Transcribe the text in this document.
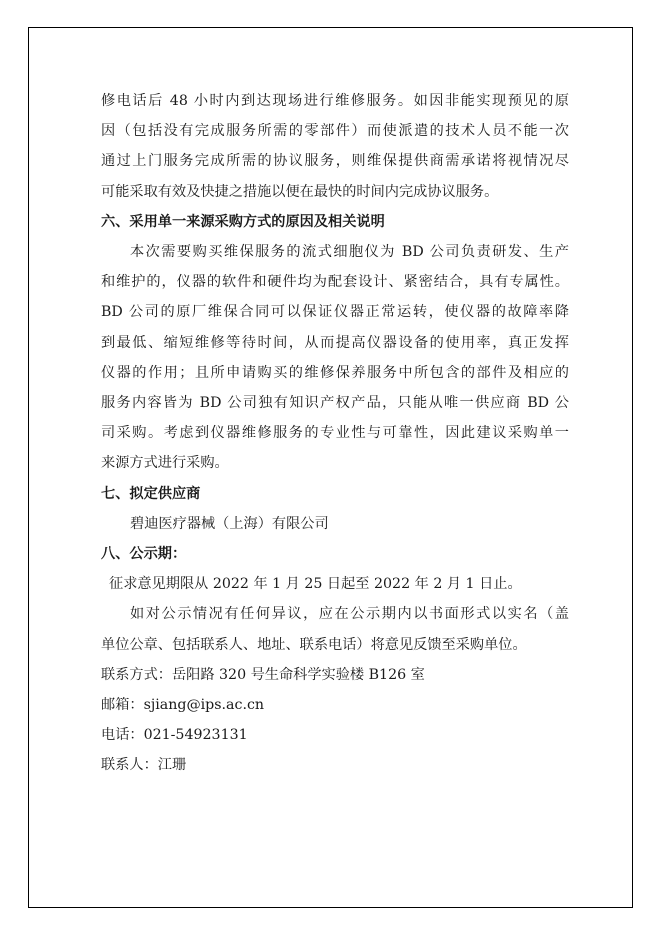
修电话后 48 小时内到达现场进行维修服务。如因非能实现预见的原
因（包括没有完成服务所需的零部件）而使派遣的技术人员不能一次
通过上门服务完成所需的协议服务，则维保提供商需承诺将视情况尽
可能采取有效及快捷之措施以便在最快的时间内完成协议服务。
六、采用单一来源采购方式的原因及相关说明
本次需要购买维保服务的流式细胞仪为 BD 公司负责研发、生产
和维护的，仪器的软件和硬件均为配套设计、紧密结合，具有专属性。
BD 公司的原厂维保合同可以保证仪器正常运转，使仪器的故障率降
到最低、缩短维修等待时间，从而提高仪器设备的使用率，真正发挥
仪器的作用；且所申请购买的维修保养服务中所包含的部件及相应的
服务内容皆为 BD 公司独有知识产权产品，只能从唯一供应商 BD 公
司采购。考虑到仪器维修服务的专业性与可靠性，因此建议采购单一
来源方式进行采购。
七、拟定供应商
碧迪医疗器械（上海）有限公司
八、公示期：
征求意见期限从 2022 年 1 月 25 日起至 2022 年 2 月 1 日止。
如对公示情况有任何异议，应在公示期内以书面形式以实名（盖
单位公章、包括联系人、地址、联系电话）将意见反馈至采购单位。
联系方式：岳阳路 320 号生命科学实验楼 B126 室
邮箱：sjiang@ips.ac.cn
电话：021-54923131
联系人：江珊
